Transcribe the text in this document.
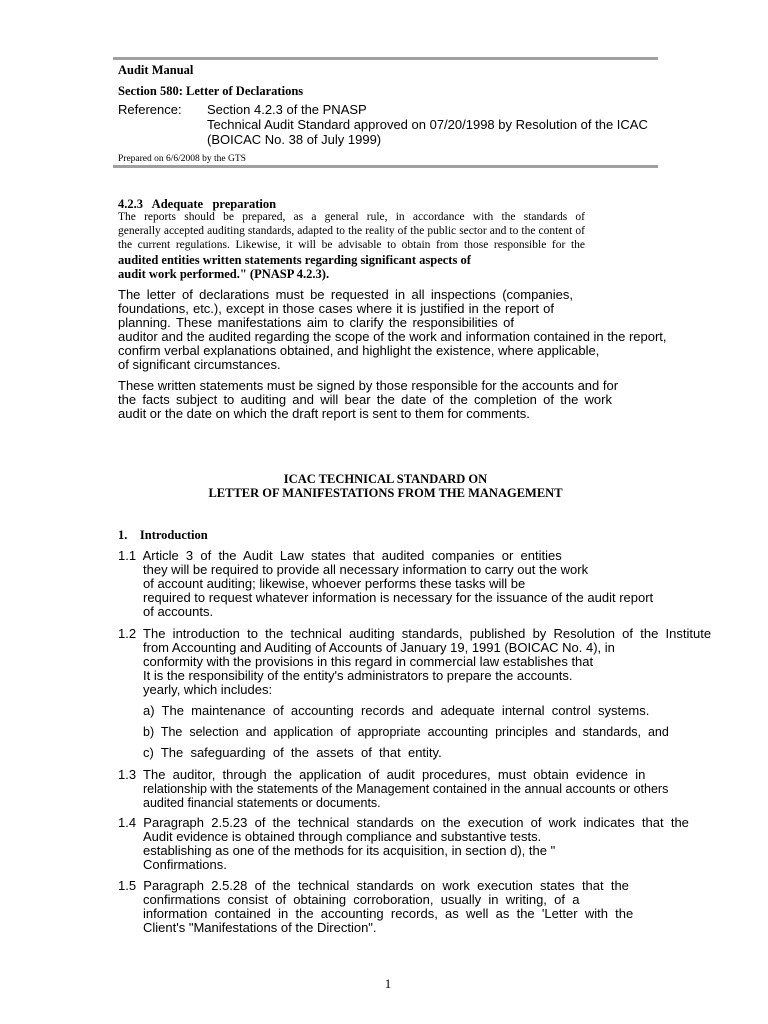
Audit Manual
Section 580: Letter of Declarations
Reference: Section 4.2.3 of the PNASP
Technical Audit Standard approved on 07/20/1998 by Resolution of the ICAC
(BOICAC No. 38 of July 1999)
Prepared on 6/6/2008 by the GTS
4.2.3   Adequate   preparation
The reports should be prepared, as a general rule, in accordance with the standards of
generally accepted auditing standards, adapted to the reality of the public sector and to the content of
the current regulations. Likewise, it will be advisable to obtain from those responsible for the
audited entities written statements regarding significant aspects of
audit work performed." (PNASP 4.2.3).
The letter of declarations must be requested in all inspections (companies,
foundations, etc.), except in those cases where it is justified in the report of
planning. These manifestations aim to clarify the responsibilities of
auditor and the audited regarding the scope of the work and information contained in the report,
confirm verbal explanations obtained, and highlight the existence, where applicable,
of significant circumstances.
These written statements must be signed by those responsible for the accounts and for
the facts subject to auditing and will bear the date of the completion of the work
audit or the date on which the draft report is sent to them for comments.
ICAC TECHNICAL STANDARD ON
LETTER OF MANIFESTATIONS FROM THE MANAGEMENT
1.    Introduction
1.1  Article  3  of  the  Audit  Law  states  that  audited  companies  or  entities
they will be required to provide all necessary information to carry out the work
of account auditing; likewise, whoever performs these tasks will be
required to request whatever information is necessary for the issuance of the audit report
of accounts.
1.2  The  introduction  to  the  technical  auditing  standards,  published  by  Resolution  of  the  Institute
from Accounting and Auditing of Accounts of January 19, 1991 (BOICAC No. 4), in
conformity with the provisions in this regard in commercial law establishes that
It is the responsibility of the entity's administrators to prepare the accounts.
yearly, which includes:
a)  The  maintenance  of  accounting  records  and  adequate  internal  control  systems.
b)  The  selection  and  application  of  appropriate  accounting  principles  and  standards,  and
c)  The  safeguarding  of  the  assets  of  that  entity.
1.3  The  auditor,  through  the  application  of  audit  procedures,  must  obtain  evidence  in
relationship with the statements of the Management contained in the annual accounts or others
audited financial statements or documents.
1.4  Paragraph  2.5.23  of  the  technical  standards  on  the  execution  of  work  indicates  that  the
Audit evidence is obtained through compliance and substantive tests.
establishing as one of the methods for its acquisition, in section d), the "
Confirmations.
1.5  Paragraph  2.5.28  of  the  technical  standards  on  work  execution  states  that  the
confirmations  consist  of  obtaining  corroboration,  usually  in  writing,  of  a
information  contained  in  the  accounting  records,  as  well  as  the  'Letter  with  the
Client's "Manifestations of the Direction".
1
